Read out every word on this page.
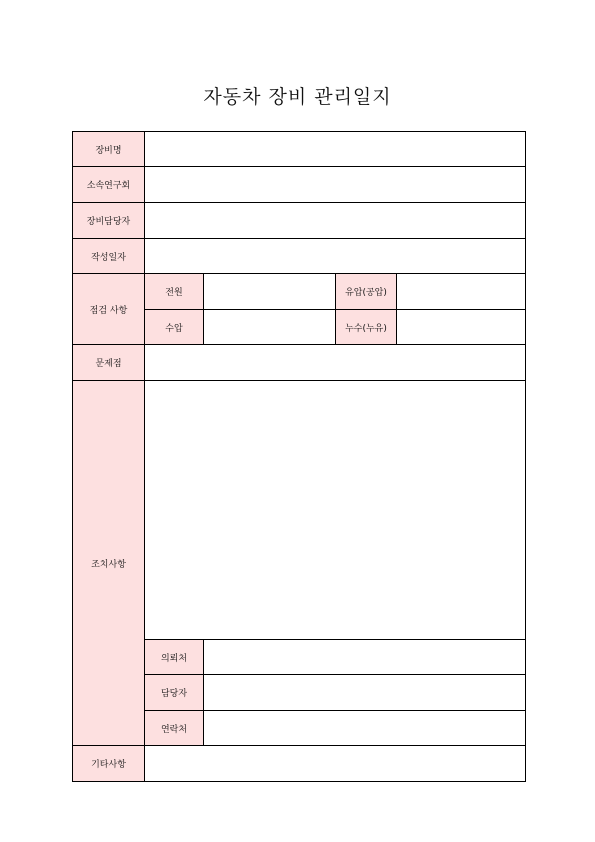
자동차 장비 관리일지
장비명				
소속연구회				
장비담당자				
작성일자				
점검 사항	전원		유압(공압)	
	수압		누수(누유)	
문제점				
조치사항				
	의뢰처			
	담당자			
	연락처			
기타사항				
